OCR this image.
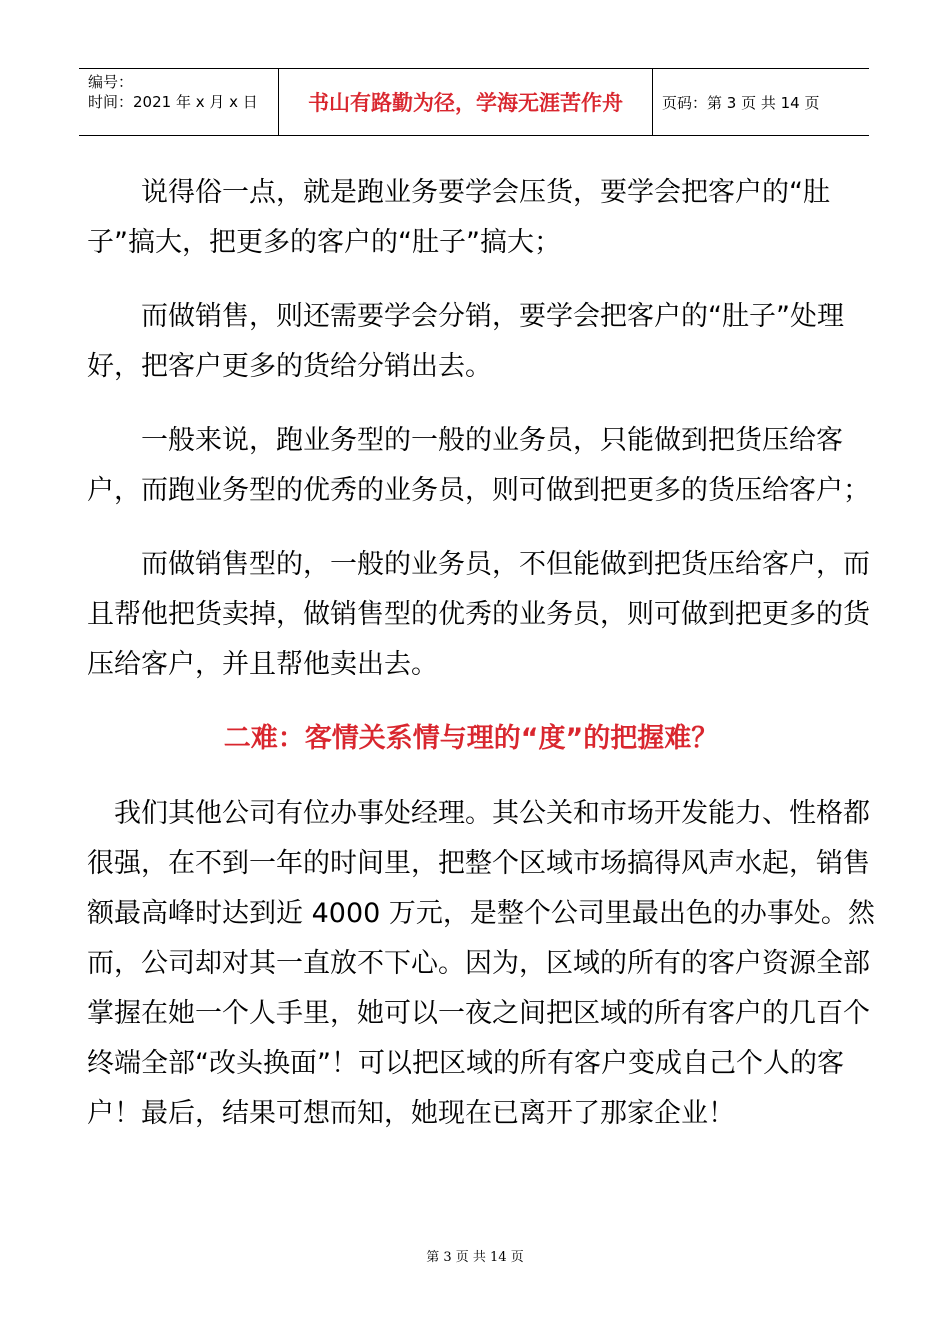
编号：
时间：2021 年 x 月 x 日	书山有路勤为径，学海无涯苦作舟	页码：第 3 页 共 14 页

说得俗一点，就是跑业务要学会压货，要学会把客户的“肚子”搞大，把更多的客户的“肚子”搞大；

而做销售，则还需要学会分销，要学会把客户的“肚子”处理好，把客户更多的货给分销出去。

一般来说，跑业务型的一般的业务员，只能做到把货压给客户，而跑业务型的优秀的业务员，则可做到把更多的货压给客户；

而做销售型的，一般的业务员，不但能做到把货压给客户，而且帮他把货卖掉，做销售型的优秀的业务员，则可做到把更多的货压给客户，并且帮他卖出去。

二难：客情关系情与理的“度”的把握难？

我们其他公司有位办事处经理。其公关和市场开发能力、性格都很强，在不到一年的时间里，把整个区域市场搞得风声水起，销售额最高峰时达到近 4000 万元，是整个公司里最出色的办事处。然而，公司却对其一直放不下心。因为，区域的所有的客户资源全部掌握在她一个人手里，她可以一夜之间把区域的所有客户的几百个终端全部“改头换面”！可以把区域的所有客户变成自己个人的客户！最后，结果可想而知，她现在已离开了那家企业！

第 3 页 共 14 页
